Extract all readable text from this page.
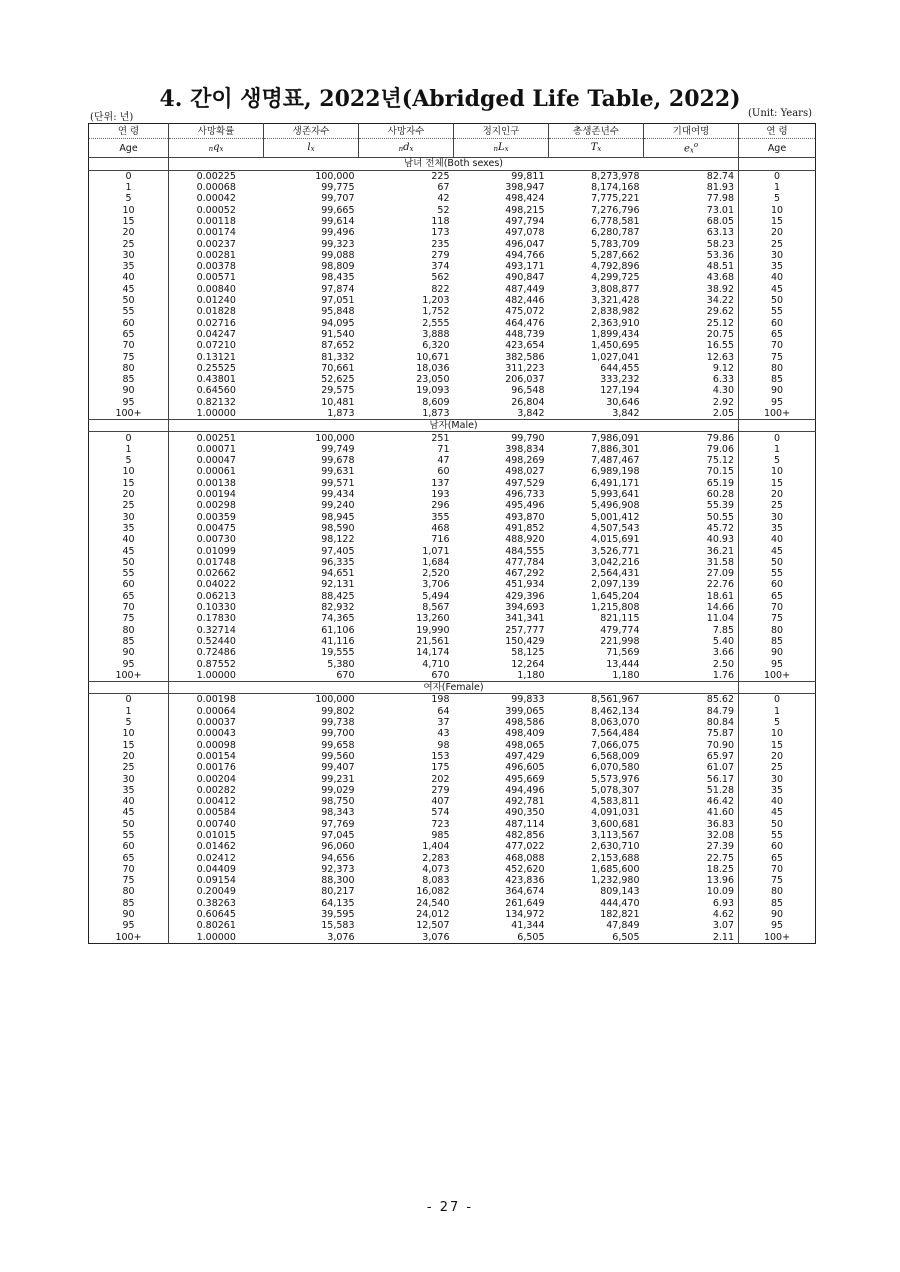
4. 간이 생명표, 2022년(Abridged Life Table, 2022)
(단위: 년)	(Unit: Years)
연 령	사망확률	생존자수	사망자수	정지인구	총생존년수	기대여명	연 령
Age	$_nq_x$	$l_x$	$_nd_x$	$_nL_x$	$T_x$	$e_x^o$	Age
	남녀 전체(Both sexes)						
0	0.00225	100,000	225	99,811	8,273,978	82.74	0
1	0.00068	99,775	67	398,947	8,174,168	81.93	1
5	0.00042	99,707	42	498,424	7,775,221	77.98	5
10	0.00052	99,665	52	498,215	7,276,796	73.01	10
15	0.00118	99,614	118	497,794	6,778,581	68.05	15
20	0.00174	99,496	173	497,078	6,280,787	63.13	20
25	0.00237	99,323	235	496,047	5,783,709	58.23	25
30	0.00281	99,088	279	494,766	5,287,662	53.36	30
35	0.00378	98,809	374	493,171	4,792,896	48.51	35
40	0.00571	98,435	562	490,847	4,299,725	43.68	40
45	0.00840	97,874	822	487,449	3,808,877	38.92	45
50	0.01240	97,051	1,203	482,446	3,321,428	34.22	50
55	0.01828	95,848	1,752	475,072	2,838,982	29.62	55
60	0.02716	94,095	2,555	464,476	2,363,910	25.12	60
65	0.04247	91,540	3,888	448,739	1,899,434	20.75	65
70	0.07210	87,652	6,320	423,654	1,450,695	16.55	70
75	0.13121	81,332	10,671	382,586	1,027,041	12.63	75
80	0.25525	70,661	18,036	311,223	644,455	9.12	80
85	0.43801	52,625	23,050	206,037	333,232	6.33	85
90	0.64560	29,575	19,093	96,548	127,194	4.30	90
95	0.82132	10,481	8,609	26,804	30,646	2.92	95
100+	1.00000	1,873	1,873	3,842	3,842	2.05	100+
	남자(Male)						
0	0.00251	100,000	251	99,790	7,986,091	79.86	0
1	0.00071	99,749	71	398,834	7,886,301	79.06	1
5	0.00047	99,678	47	498,269	7,487,467	75.12	5
10	0.00061	99,631	60	498,027	6,989,198	70.15	10
15	0.00138	99,571	137	497,529	6,491,171	65.19	15
20	0.00194	99,434	193	496,733	5,993,641	60.28	20
25	0.00298	99,240	296	495,496	5,496,908	55.39	25
30	0.00359	98,945	355	493,870	5,001,412	50.55	30
35	0.00475	98,590	468	491,852	4,507,543	45.72	35
40	0.00730	98,122	716	488,920	4,015,691	40.93	40
45	0.01099	97,405	1,071	484,555	3,526,771	36.21	45
50	0.01748	96,335	1,684	477,784	3,042,216	31.58	50
55	0.02662	94,651	2,520	467,292	2,564,431	27.09	55
60	0.04022	92,131	3,706	451,934	2,097,139	22.76	60
65	0.06213	88,425	5,494	429,396	1,645,204	18.61	65
70	0.10330	82,932	8,567	394,693	1,215,808	14.66	70
75	0.17830	74,365	13,260	341,341	821,115	11.04	75
80	0.32714	61,106	19,990	257,777	479,774	7.85	80
85	0.52440	41,116	21,561	150,429	221,998	5.40	85
90	0.72486	19,555	14,174	58,125	71,569	3.66	90
95	0.87552	5,380	4,710	12,264	13,444	2.50	95
100+	1.00000	670	670	1,180	1,180	1.76	100+
	여자(Female)						
0	0.00198	100,000	198	99,833	8,561,967	85.62	0
1	0.00064	99,802	64	399,065	8,462,134	84.79	1
5	0.00037	99,738	37	498,586	8,063,070	80.84	5
10	0.00043	99,700	43	498,409	7,564,484	75.87	10
15	0.00098	99,658	98	498,065	7,066,075	70.90	15
20	0.00154	99,560	153	497,429	6,568,009	65.97	20
25	0.00176	99,407	175	496,605	6,070,580	61.07	25
30	0.00204	99,231	202	495,669	5,573,976	56.17	30
35	0.00282	99,029	279	494,496	5,078,307	51.28	35
40	0.00412	98,750	407	492,781	4,583,811	46.42	40
45	0.00584	98,343	574	490,350	4,091,031	41.60	45
50	0.00740	97,769	723	487,114	3,600,681	36.83	50
55	0.01015	97,045	985	482,856	3,113,567	32.08	55
60	0.01462	96,060	1,404	477,022	2,630,710	27.39	60
65	0.02412	94,656	2,283	468,088	2,153,688	22.75	65
70	0.04409	92,373	4,073	452,620	1,685,600	18.25	70
75	0.09154	88,300	8,083	423,836	1,232,980	13.96	75
80	0.20049	80,217	16,082	364,674	809,143	10.09	80
85	0.38263	64,135	24,540	261,649	444,470	6.93	85
90	0.60645	39,595	24,012	134,972	182,821	4.62	90
95	0.80261	15,583	12,507	41,344	47,849	3.07	95
100+	1.00000	3,076	3,076	6,505	6,505	2.11	100+
- 27 -
